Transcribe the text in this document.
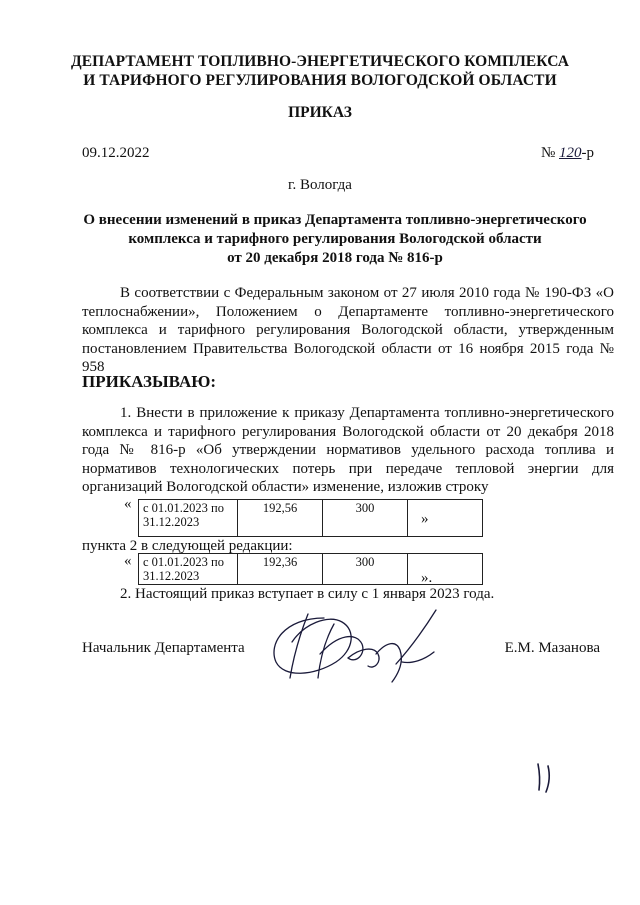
ДЕПАРТАМЕНТ ТОПЛИВНО-ЭНЕРГЕТИЧЕСКОГО КОМПЛЕКСА
И ТАРИФНОГО РЕГУЛИРОВАНИЯ ВОЛОГОДСКОЙ ОБЛАСТИ
ПРИКАЗ
09.12.2022	№ 120-р
г. Вологда
О внесении изменений в приказ Департамента топливно-энергетического
комплекса и тарифного регулирования Вологодской области
от 20 декабря 2018 года № 816-р
В соответствии с Федеральным законом от 27 июля 2010 года № 190-ФЗ «О теплоснабжении», Положением о Департаменте топливно-энергетического комплекса и тарифного регулирования Вологодской области, утвержденным постановлением Правительства Вологодской области от 16 ноября 2015 года № 958
ПРИКАЗЫВАЮ:
1. Внести в приложение к приказу Департамента топливно-энергетического комплекса и тарифного регулирования Вологодской области от 20 декабря 2018 года № 816-р «Об утверждении нормативов удельного расхода топлива и нормативов технологических потерь при передаче тепловой энергии для организаций Вологодской области» изменение, изложив строку
« с 01.01.2023 по 31.12.2023	192,56	300	
»
пункта 2 в следующей редакции:
« с 01.01.2023 по 31.12.2023	192,36	300	
».
2. Настоящий приказ вступает в силу с 1 января 2023 года.
Начальник Департамента	Е.М. Мазанова
